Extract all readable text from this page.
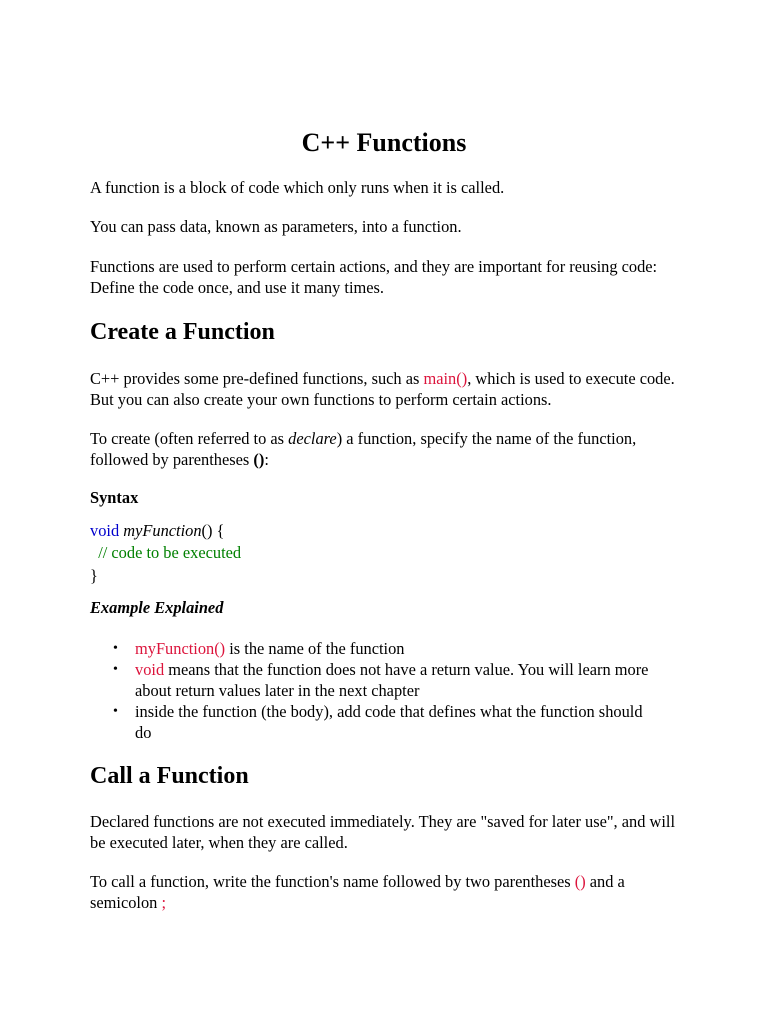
C++ Functions

A function is a block of code which only runs when it is called.

You can pass data, known as parameters, into a function.

Functions are used to perform certain actions, and they are important for reusing code: Define the code once, and use it many times.

Create a Function

C++ provides some pre-defined functions, such as main(), which is used to execute code. But you can also create your own functions to perform certain actions.

To create (often referred to as declare) a function, specify the name of the function, followed by parentheses ():

Syntax
void myFunction() {
// code to be executed
}
Example Explained
• myFunction() is the name of the function
• void means that the function does not have a return value. You will learn more about return values later in the next chapter
• inside the function (the body), add code that defines what the function should do
Call a Function

Declared functions are not executed immediately. They are "saved for later use", and will be executed later, when they are called.

To call a function, write the function's name followed by two parentheses () and a semicolon ;
